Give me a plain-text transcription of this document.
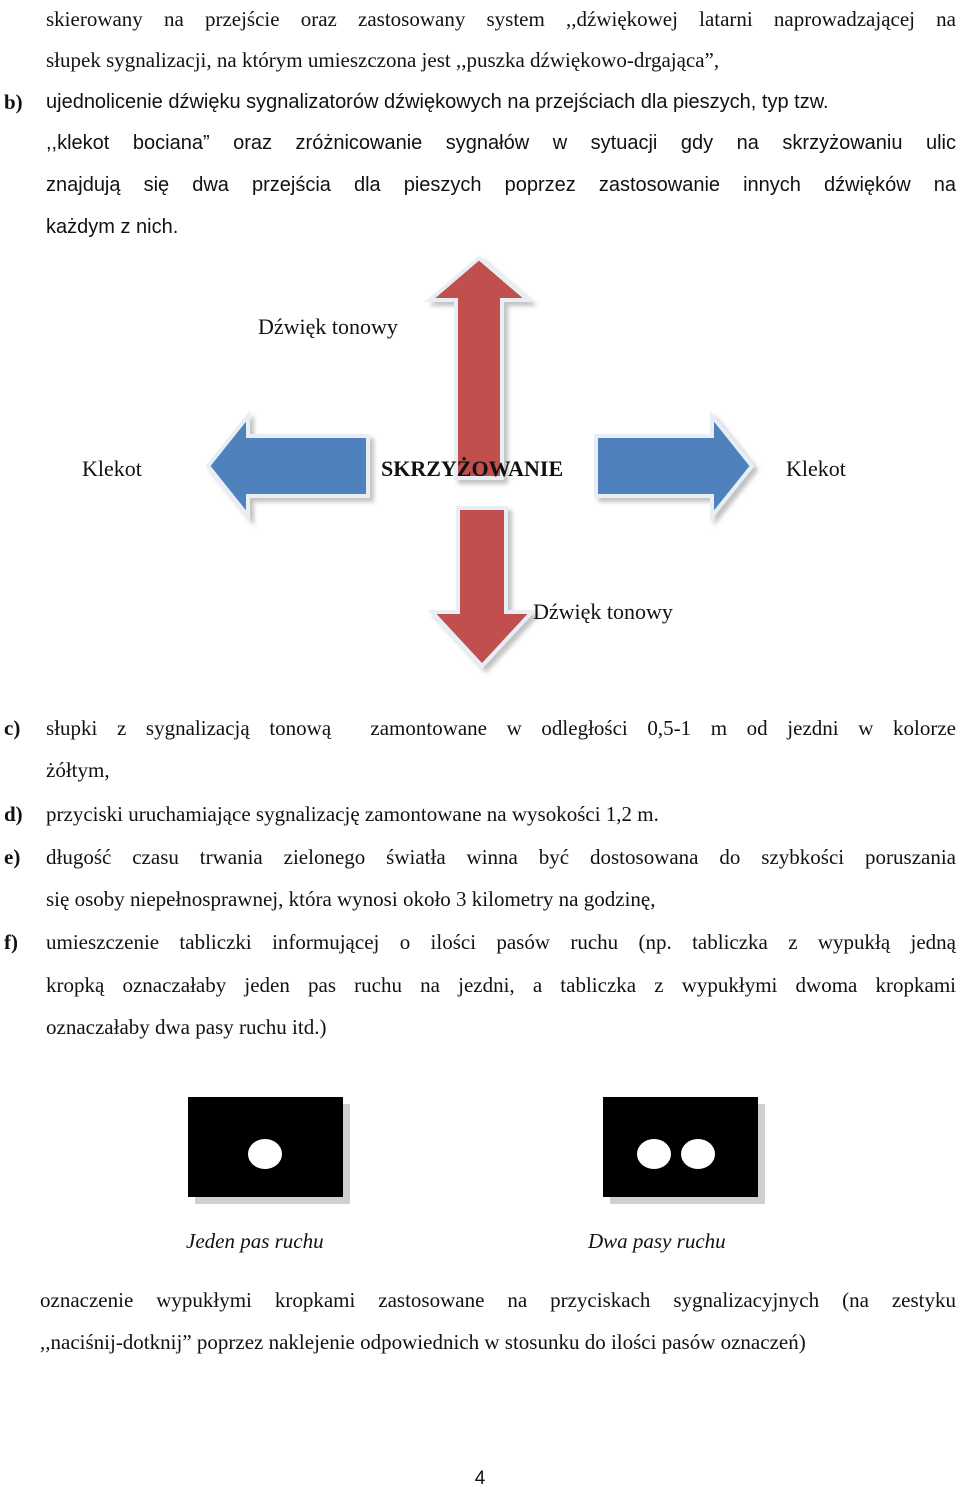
skierowany na przejście oraz zastosowany system ,,dźwiękowej latarni naprowadzającej na
słupek sygnalizacji, na którym umieszczona jest ,,puszka dźwiękowo-drgająca”,
b) ujednolicenie dźwięku sygnalizatorów dźwiękowych na przejściach dla pieszych, typ tzw.
,,klekot bociana” oraz zróżnicowanie sygnałów w sytuacji gdy na skrzyżowaniu ulic
znajdują się dwa przejścia dla pieszych poprzez zastosowanie innych dźwięków na
każdym z nich.
Dźwięk tonowy
Klekot	SKRZYŻOWANIE	Klekot
Dźwięk tonowy
c) słupki z sygnalizacją tonową  zamontowane w odległości 0,5-1 m od jezdni w kolorze
żółtym,
d) przyciski uruchamiające sygnalizację zamontowane na wysokości 1,2 m.
e) długość czasu trwania zielonego światła winna być dostosowana do szybkości poruszania
się osoby niepełnosprawnej, która wynosi około 3 kilometry na godzinę,
f) umieszczenie tabliczki informującej o ilości pasów ruchu (np. tabliczka z wypukłą jedną
kropką oznaczałaby jeden pas ruchu na jezdni, a tabliczka z wypukłymi dwoma kropkami
oznaczałaby dwa pasy ruchu itd.)
Jeden pas ruchu	Dwa pasy ruchu
oznaczenie wypukłymi kropkami zastosowane na przyciskach sygnalizacyjnych (na zestyku
,,naciśnij-dotknij” poprzez naklejenie odpowiednich w stosunku do ilości pasów oznaczeń)
4
